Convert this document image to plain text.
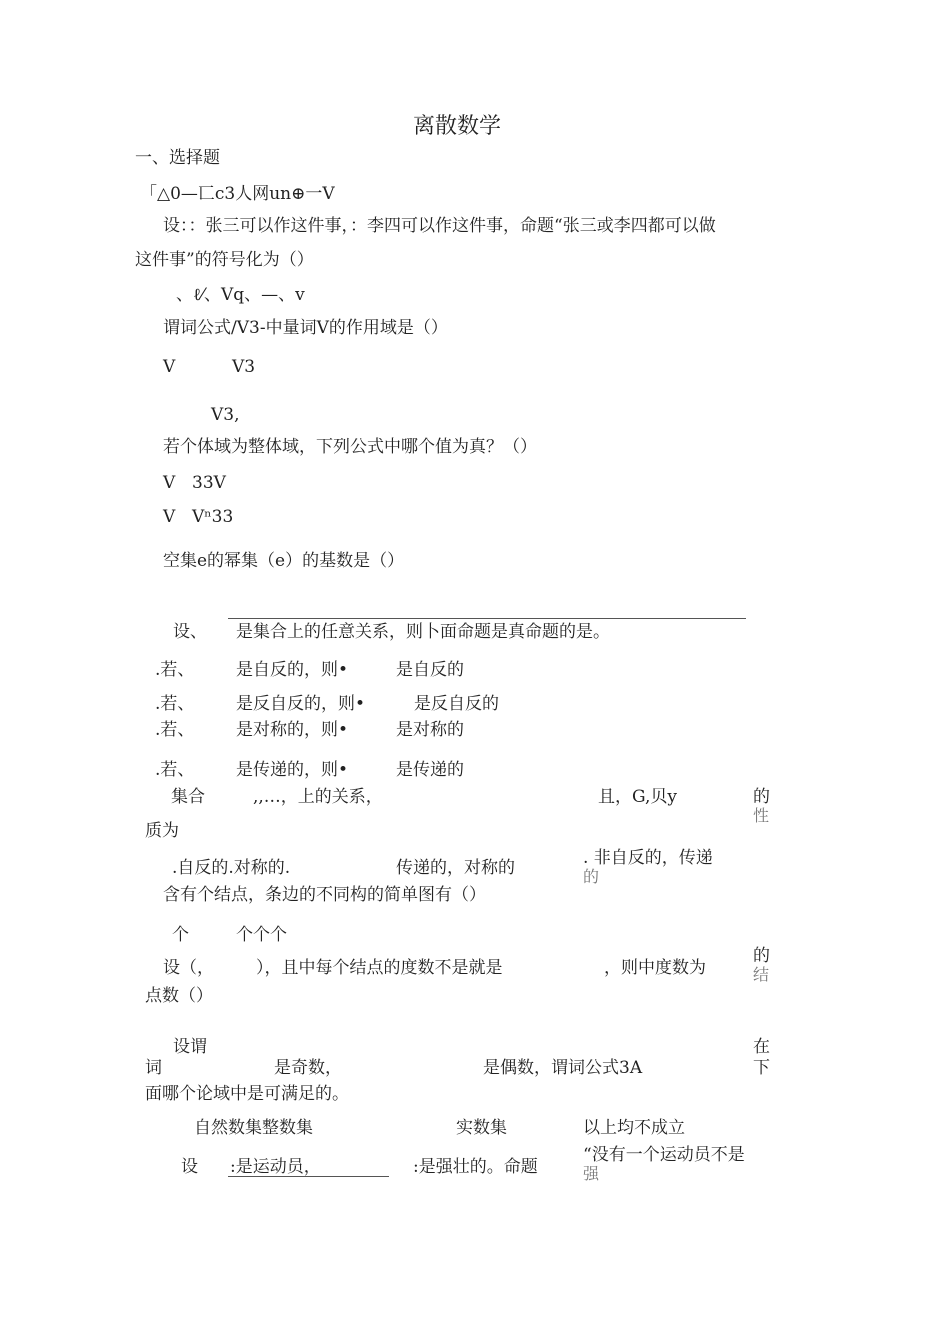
离散数学
一、选择题
「△0—匸c3人网un⊕一V
设：：张三可以作这件事，：李四可以作这件事，命题“张三或李四都可以做
这件事”的符号化为（）
、ℓ⁄、Vq、—、v
谓词公式/V3-中量词V的作用域是（）
V	V3
V3,
若个体域为整体域，下列公式中哪个值为真？（）
V 33V
V Vⁿ33
空集e的幂集（e）的基数是（）
设、 是集合上的任意关系，则卜面命题是真命题的是。
.若、 是自反的，则•	是自反的
.若、 是反自反的，则•	是反自反的
.若、 是对称的，则•	是对称的
.若、 是传递的，则•	是传递的
集合	,,…，上的关系，	且，G,贝y	的
性
质为
.自反的.对称的.	传递的，对称的	. 非自反的，传递
的
含有个结点，条边的不同构的简单图有（）
个	个个个
的
设（， ），且中每个结点的度数不是就是	，则中度数为	结
点数（）
设谓	在
词	是奇数，	是偶数，谓词公式3A	下
面哪个论域中是可满足的。
自然数集整数集	实数集	以上均不成立
设 :是运动员，	:是强壮的。命题
“没有一个运动员不是
强
